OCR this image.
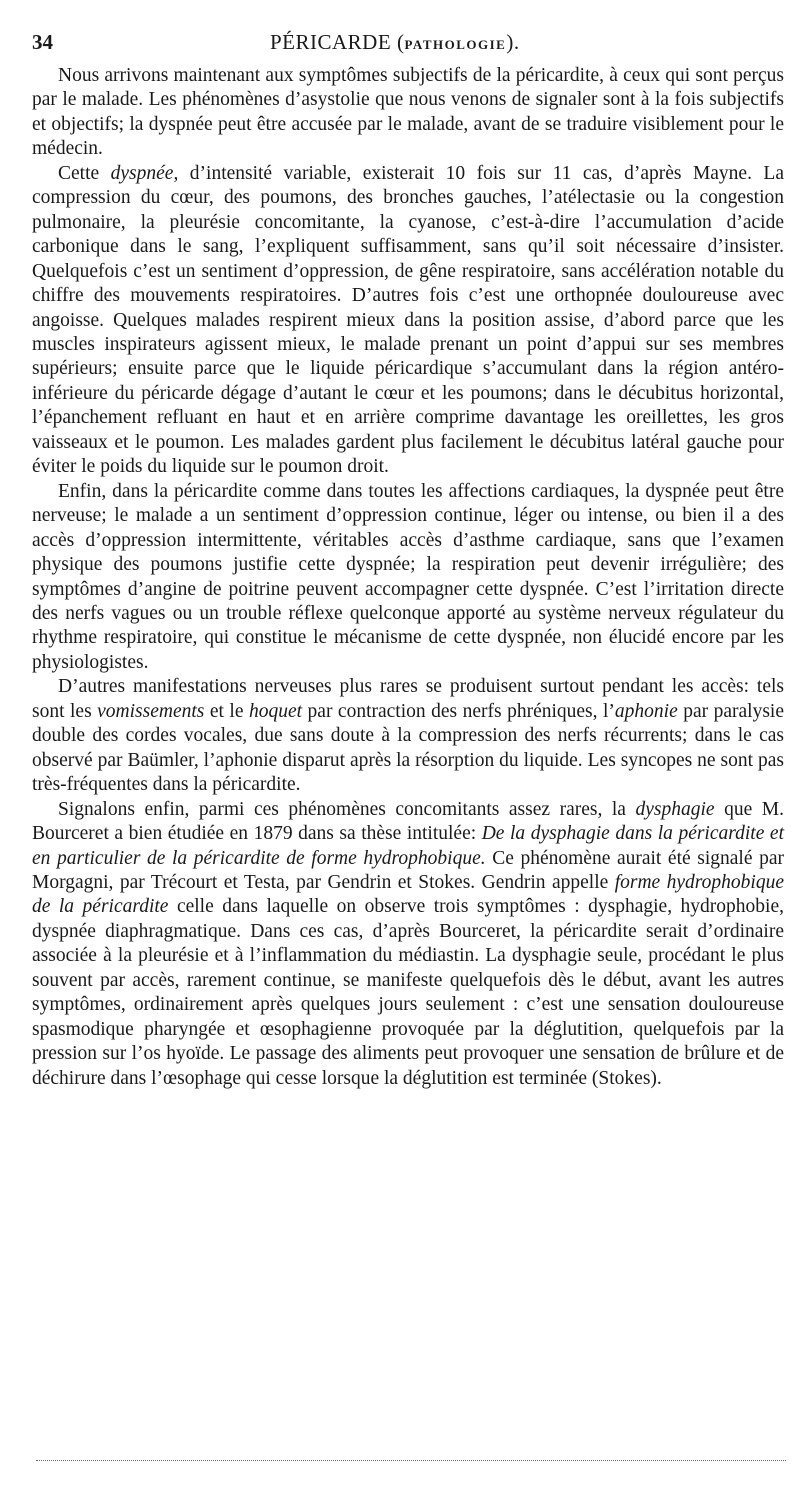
34	PÉRICARDE (PATHOLOGIE).

Nous arrivons maintenant aux symptômes subjectifs de la péricardite, à ceux qui sont perçus par le malade. Les phénomènes d’asystolie que nous venons de signaler sont à la fois subjectifs et objectifs; la dyspnée peut être accusée par le malade, avant de se traduire visiblement pour le médecin.

Cette dyspnée, d’intensité variable, existerait 10 fois sur 11 cas, d’après Mayne. La compression du cœur, des poumons, des bronches gauches, l’atélectasie ou la congestion pulmonaire, la pleurésie concomitante, la cyanose, c’est-à-dire l’accumulation d’acide carbonique dans le sang, l’expliquent suffisamment, sans qu’il soit nécessaire d’insister. Quelquefois c’est un sentiment d’oppression, de gêne respiratoire, sans accélération notable du chiffre des mouvements respiratoires. D’autres fois c’est une orthopnée douloureuse avec angoisse. Quelques malades respirent mieux dans la position assise, d’abord parce que les muscles inspirateurs agissent mieux, le malade prenant un point d’appui sur ses membres supérieurs; ensuite parce que le liquide péricardique s’accumulant dans la région antéro-inférieure du péricarde dégage d’autant le cœur et les poumons; dans le décubitus horizontal, l’épanchement refluant en haut et en arrière comprime davantage les oreillettes, les gros vaisseaux et le poumon. Les malades gardent plus facilement le décubitus latéral gauche pour éviter le poids du liquide sur le poumon droit.

Enfin, dans la péricardite comme dans toutes les affections cardiaques, la dyspnée peut être nerveuse; le malade a un sentiment d’oppression continue, léger ou intense, ou bien il a des accès d’oppression intermittente, véritables accès d’asthme cardiaque, sans que l’examen physique des poumons justifie cette dyspnée; la respiration peut devenir irrégulière; des symptômes d’angine de poitrine peuvent accompagner cette dyspnée. C’est l’irritation directe des nerfs vagues ou un trouble réflexe quelconque apporté au système nerveux régulateur du rhythme respiratoire, qui constitue le mécanisme de cette dyspnée, non élucidé encore par les physiologistes.

D’autres manifestations nerveuses plus rares se produisent surtout pendant les accès: tels sont les vomissements et le hoquet par contraction des nerfs phréniques, l’aphonie par paralysie double des cordes vocales, due sans doute à la compression des nerfs récurrents; dans le cas observé par Baümler, l’aphonie disparut après la résorption du liquide. Les syncopes ne sont pas très-fréquentes dans la péricardite.

Signalons enfin, parmi ces phénomènes concomitants assez rares, la dysphagie que M. Bourceret a bien étudiée en 1879 dans sa thèse intitulée: De la dysphagie dans la péricardite et en particulier de la péricardite de forme hydrophobique. Ce phénomène aurait été signalé par Morgagni, par Trécourt et Testa, par Gendrin et Stokes. Gendrin appelle forme hydrophobique de la péricardite celle dans laquelle on observe trois symptômes : dysphagie, hydrophobie, dyspnée diaphragmatique. Dans ces cas, d’après Bourceret, la péricardite serait d’ordinaire associée à la pleurésie et à l’inflammation du médiastin. La dysphagie seule, procédant le plus souvent par accès, rarement continue, se manifeste quelquefois dès le début, avant les autres symptômes, ordinairement après quelques jours seulement : c’est une sensation douloureuse spasmodique pharyngée et œsophagienne provoquée par la déglutition, quelquefois par la pression sur l’os hyoïde. Le passage des aliments peut provoquer une sensation de brûlure et de déchirure dans l’œsophage qui cesse lorsque la déglutition est terminée (Stokes).
